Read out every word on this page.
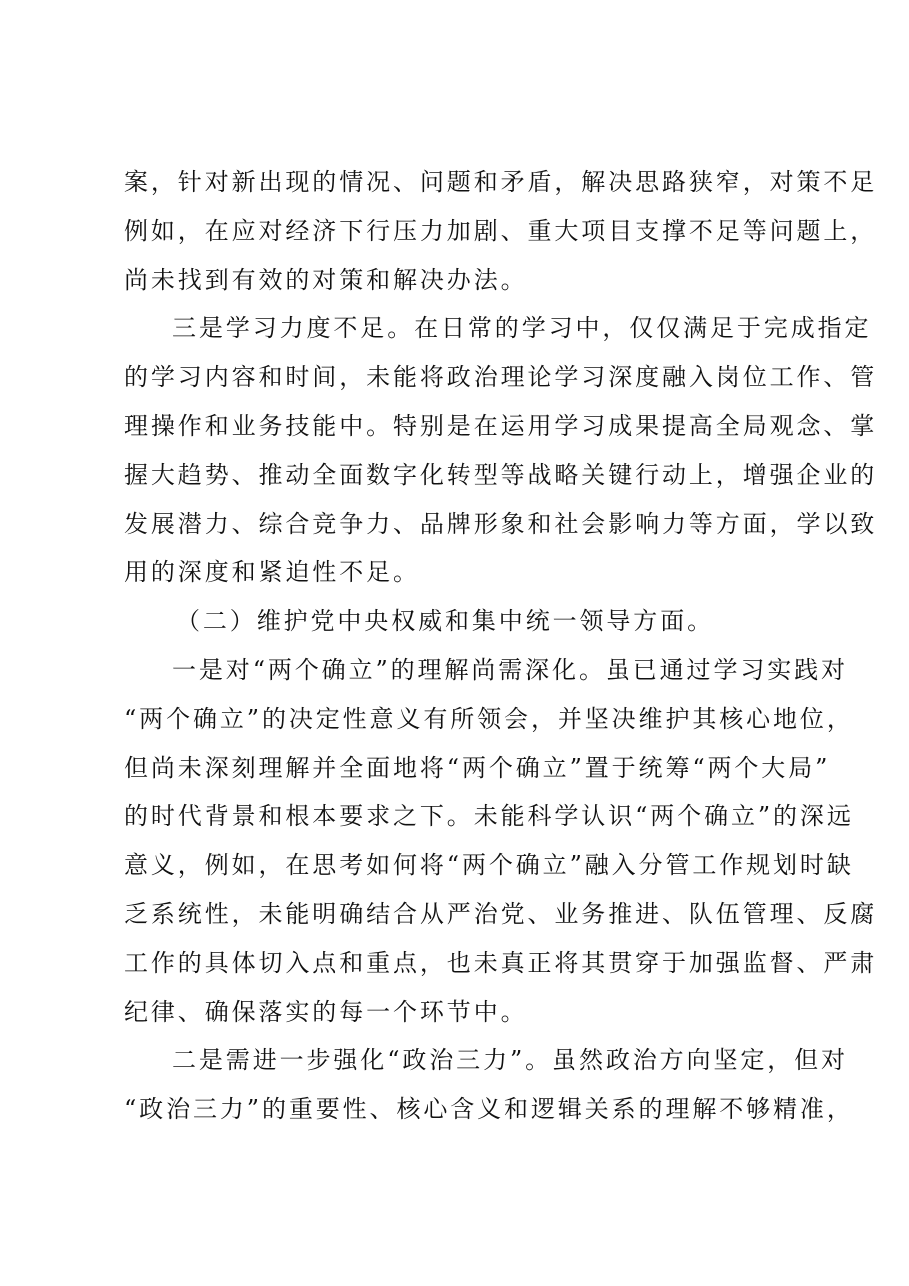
案，针对新出现的情况、问题和矛盾，解决思路狭窄，对策不足
例如，在应对经济下行压力加剧、重大项目支撑不足等问题上，
尚未找到有效的对策和解决办法。
三是学习力度不足。在日常的学习中，仅仅满足于完成指定
的学习内容和时间，未能将政治理论学习深度融入岗位工作、管
理操作和业务技能中。特别是在运用学习成果提高全局观念、掌
握大趋势、推动全面数字化转型等战略关键行动上，增强企业的
发展潜力、综合竞争力、品牌形象和社会影响力等方面，学以致
用的深度和紧迫性不足。
（二）维护党中央权威和集中统一领导方面。
一是对“两个确立”的理解尚需深化。虽已通过学习实践对
“两个确立”的决定性意义有所领会，并坚决维护其核心地位，
但尚未深刻理解并全面地将“两个确立”置于统筹“两个大局”
的时代背景和根本要求之下。未能科学认识“两个确立”的深远
意义，例如，在思考如何将“两个确立”融入分管工作规划时缺
乏系统性，未能明确结合从严治党、业务推进、队伍管理、反腐
工作的具体切入点和重点，也未真正将其贯穿于加强监督、严肃
纪律、确保落实的每一个环节中。
二是需进一步强化“政治三力”。虽然政治方向坚定，但对
“政治三力”的重要性、核心含义和逻辑关系的理解不够精准，
